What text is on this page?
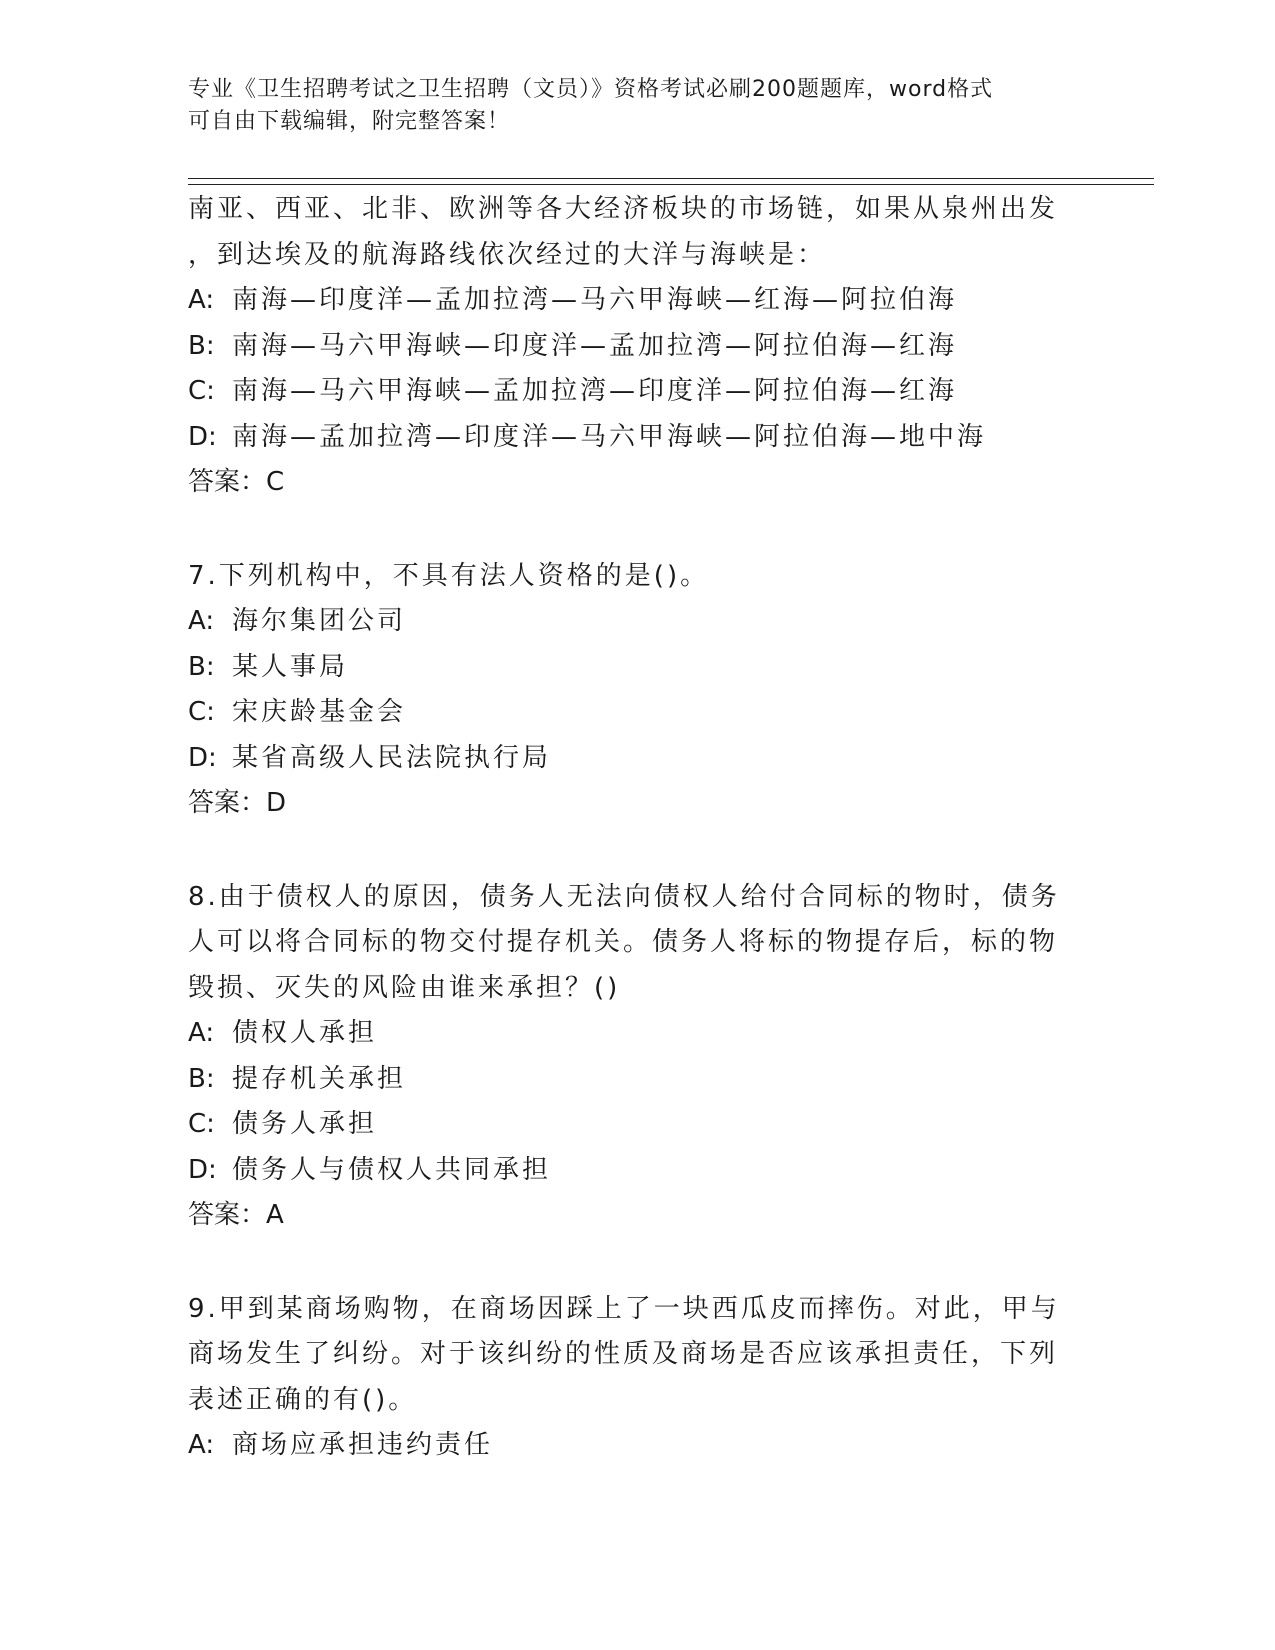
专业《卫生招聘考试之卫生招聘（文员）》资格考试必刷200题题库，word格式
可自由下载编辑，附完整答案！
南亚、西亚、北非、欧洲等各大经济板块的市场链，如果从泉州出发
，到达埃及的航海路线依次经过的大洋与海峡是：
A: 南海—印度洋—孟加拉湾—马六甲海峡—红海—阿拉伯海
B: 南海—马六甲海峡—印度洋—孟加拉湾—阿拉伯海—红海
C: 南海—马六甲海峡—孟加拉湾—印度洋—阿拉伯海—红海
D: 南海—孟加拉湾—印度洋—马六甲海峡—阿拉伯海—地中海
答案：C
7.下列机构中，不具有法人资格的是()。
A: 海尔集团公司
B: 某人事局
C: 宋庆龄基金会
D: 某省高级人民法院执行局
答案：D
8.由于债权人的原因，债务人无法向债权人给付合同标的物时，债务
人可以将合同标的物交付提存机关。债务人将标的物提存后，标的物
毁损、灭失的风险由谁来承担？()
A: 债权人承担
B: 提存机关承担
C: 债务人承担
D: 债务人与债权人共同承担
答案：A
9.甲到某商场购物，在商场因踩上了一块西瓜皮而摔伤。对此，甲与
商场发生了纠纷。对于该纠纷的性质及商场是否应该承担责任，下列
表述正确的有()。
A: 商场应承担违约责任
